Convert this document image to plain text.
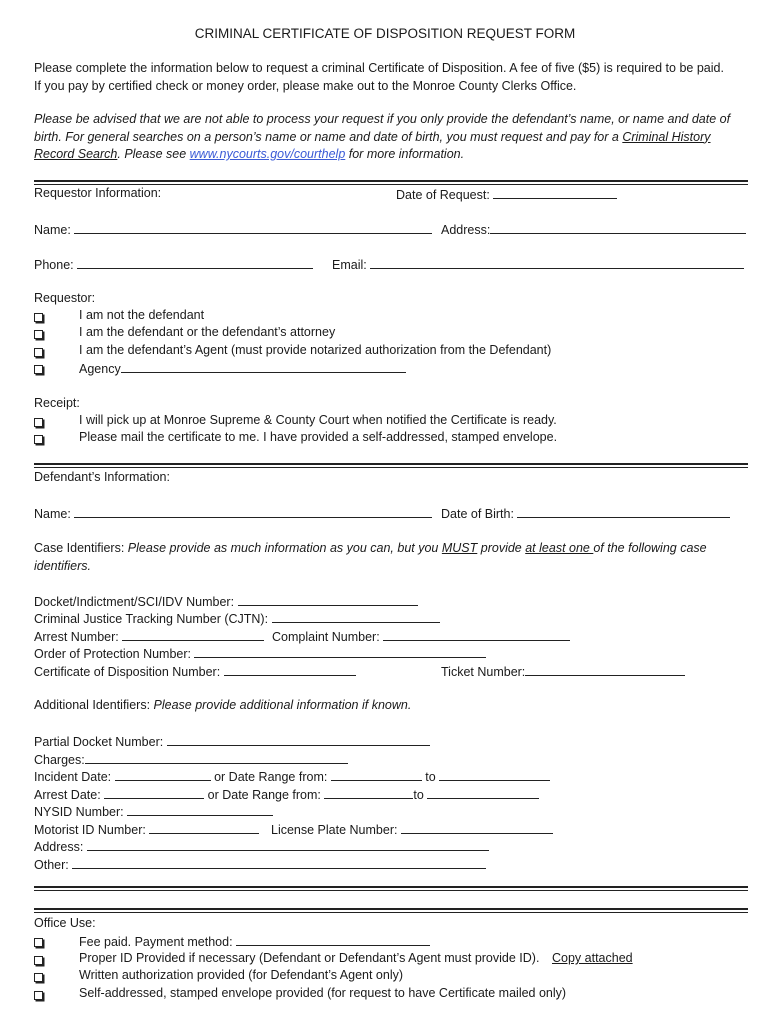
CRIMINAL CERTIFICATE OF DISPOSITION REQUEST FORM
Please complete the information below to request a criminal Certificate of Disposition. A fee of five ($5) is required to be paid.
If you pay by certified check or money order, please make out to the Monroe County Clerks Office.
Please be advised that we are not able to process your request if you only provide the defendant’s name, or name and date of
birth. For general searches on a person’s name or name and date of birth, you must request and pay for a Criminal History
Record Search. Please see www.nycourts.gov/courthelp for more information.
Requestor Information:	Date of Request:
Name:	Address:
Phone:	Email:
Requestor:
I am not the defendant
I am the defendant or the defendant’s attorney
I am the defendant’s Agent (must provide notarized authorization from the Defendant)
Agency
Receipt:
I will pick up at Monroe Supreme & County Court when notified the Certificate is ready.
Please mail the certificate to me. I have provided a self-addressed, stamped envelope.
Defendant’s Information:
Name:	Date of Birth:
Case Identifiers: Please provide as much information as you can, but you MUST provide at least one of the following case
identifiers.
Docket/Indictment/SCI/IDV Number:
Criminal Justice Tracking Number (CJTN):
Arrest Number:	Complaint Number:
Order of Protection Number:
Certificate of Disposition Number:	Ticket Number:
Additional Identifiers: Please provide additional information if known.
Partial Docket Number:
Charges:
Incident Date:	or Date Range from:	to
Arrest Date:	or Date Range from:	to
NYSID Number:
Motorist ID Number:	License Plate Number:
Address:
Other:
Office Use:
Fee paid. Payment method:
Proper ID Provided if necessary (Defendant or Defendant’s Agent must provide ID). Copy attached
Written authorization provided (for Defendant’s Agent only)
Self-addressed, stamped envelope provided (for request to have Certificate mailed only)
